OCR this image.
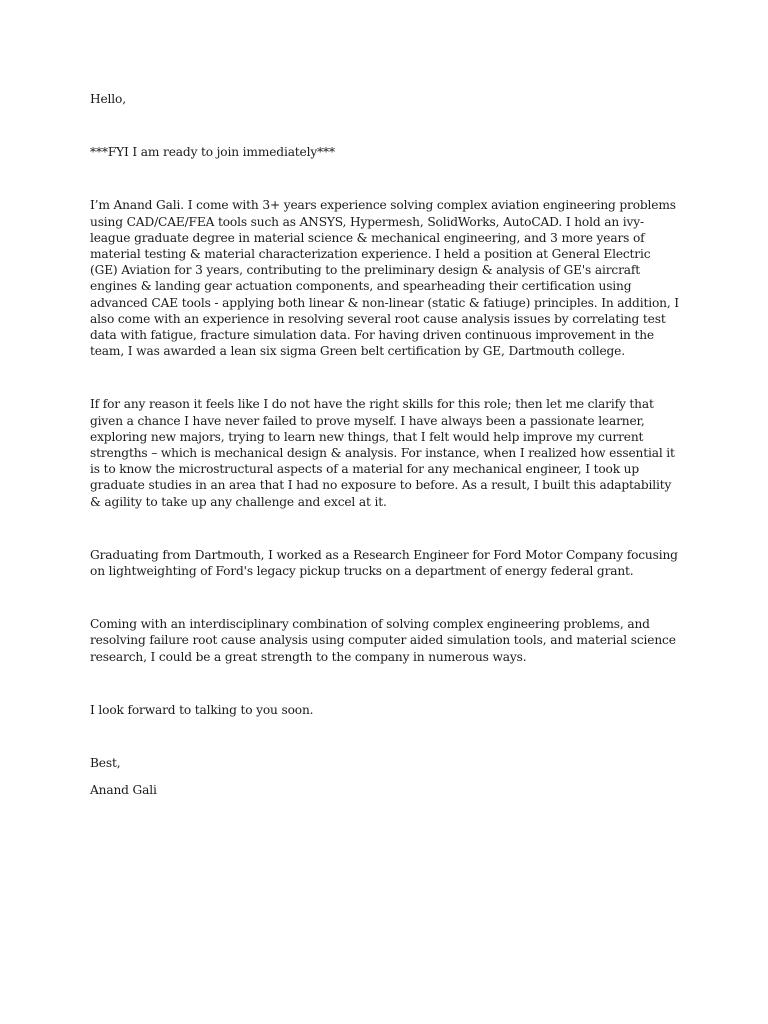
Hello,

***FYI I am ready to join immediately***

I’m Anand Gali. I come with 3+ years experience solving complex aviation engineering problems using CAD/CAE/FEA tools such as ANSYS, Hypermesh, SolidWorks, AutoCAD. I hold an ivy-league graduate degree in material science & mechanical engineering, and 3 more years of material testing & material characterization experience. I held a position at General Electric (GE) Aviation for 3 years, contributing to the preliminary design & analysis of GE's aircraft engines & landing gear actuation components, and spearheading their certification using advanced CAE tools - applying both linear & non-linear (static & fatiuge) principles. In addition, I also come with an experience in resolving several root cause analysis issues by correlating test data with fatigue, fracture simulation data. For having driven continuous improvement in the team, I was awarded a lean six sigma Green belt certification by GE, Dartmouth college.

If for any reason it feels like I do not have the right skills for this role; then let me clarify that given a chance I have never failed to prove myself. I have always been a passionate learner, exploring new majors, trying to learn new things, that I felt would help improve my current strengths – which is mechanical design & analysis. For instance, when I realized how essential it is to know the microstructural aspects of a material for any mechanical engineer, I took up graduate studies in an area that I had no exposure to before. As a result, I built this adaptability & agility to take up any challenge and excel at it.

Graduating from Dartmouth, I worked as a Research Engineer for Ford Motor Company focusing on lightweighting of Ford's legacy pickup trucks on a department of energy federal grant.

Coming with an interdisciplinary combination of solving complex engineering problems, and resolving failure root cause analysis using computer aided simulation tools, and material science research, I could be a great strength to the company in numerous ways.

I look forward to talking to you soon.

Best,

Anand Gali
